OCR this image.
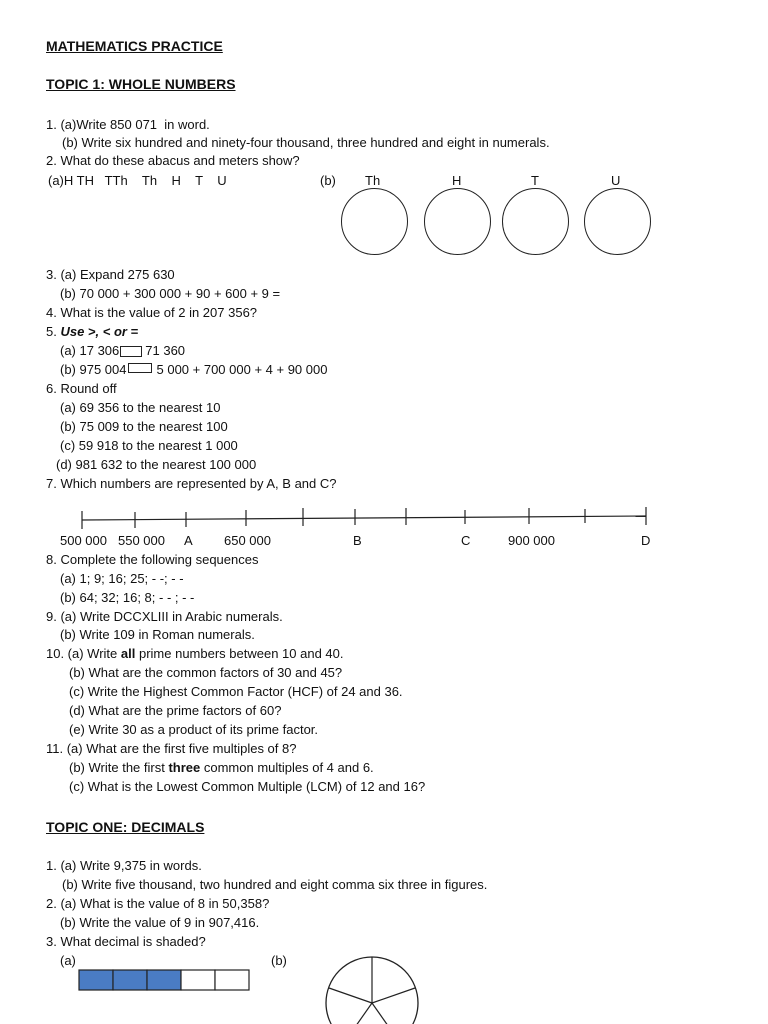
MATHEMATICS PRACTICE
TOPIC 1: WHOLE NUMBERS
1. (a)Write 850 071  in word.
(b) Write six hundred and ninety-four thousand, three hundred and eight in numerals.
2. What do these abacus and meters show?
(a)H TH   TTh    Th    H    T    U	(b) Th	H	T	U
3. (a) Expand 275 630
(b) 70 000 + 300 000 + 90 + 600 + 9 =
4. What is the value of 2 in 207 356?
5. Use >, < or =
(a) 17 306 71 360
(b) 975 004 5 000 + 700 000 + 4 + 90 000
6. Round off
(a) 69 356 to the nearest 10
(b) 75 009 to the nearest 100
(c) 59 918 to the nearest 1 000
(d) 981 632 to the nearest 100 000
7. Which numbers are represented by A, B and C?
500 000 550 000 A 650 000	B	C	900 000	D
8. Complete the following sequences
(a) 1; 9; 16; 25; - -; - -
(b) 64; 32; 16; 8; - - ; - -
9. (a) Write DCCXLIII in Arabic numerals.
(b) Write 109 in Roman numerals.
10. (a) Write all prime numbers between 10 and 40.
(b) What are the common factors of 30 and 45?
(c) Write the Highest Common Factor (HCF) of 24 and 36.
(d) What are the prime factors of 60?
(e) Write 30 as a product of its prime factor.
11. (a) What are the first five multiples of 8?
(b) Write the first three common multiples of 4 and 6.
(c) What is the Lowest Common Multiple (LCM) of 12 and 16?
TOPIC ONE: DECIMALS
1. (a) Write 9,375 in words.
(b) Write five thousand, two hundred and eight comma six three in figures.
2. (a) What is the value of 8 in 50,358?
(b) Write the value of 9 in 907,416.
3. What decimal is shaded?
(a)	(b)
